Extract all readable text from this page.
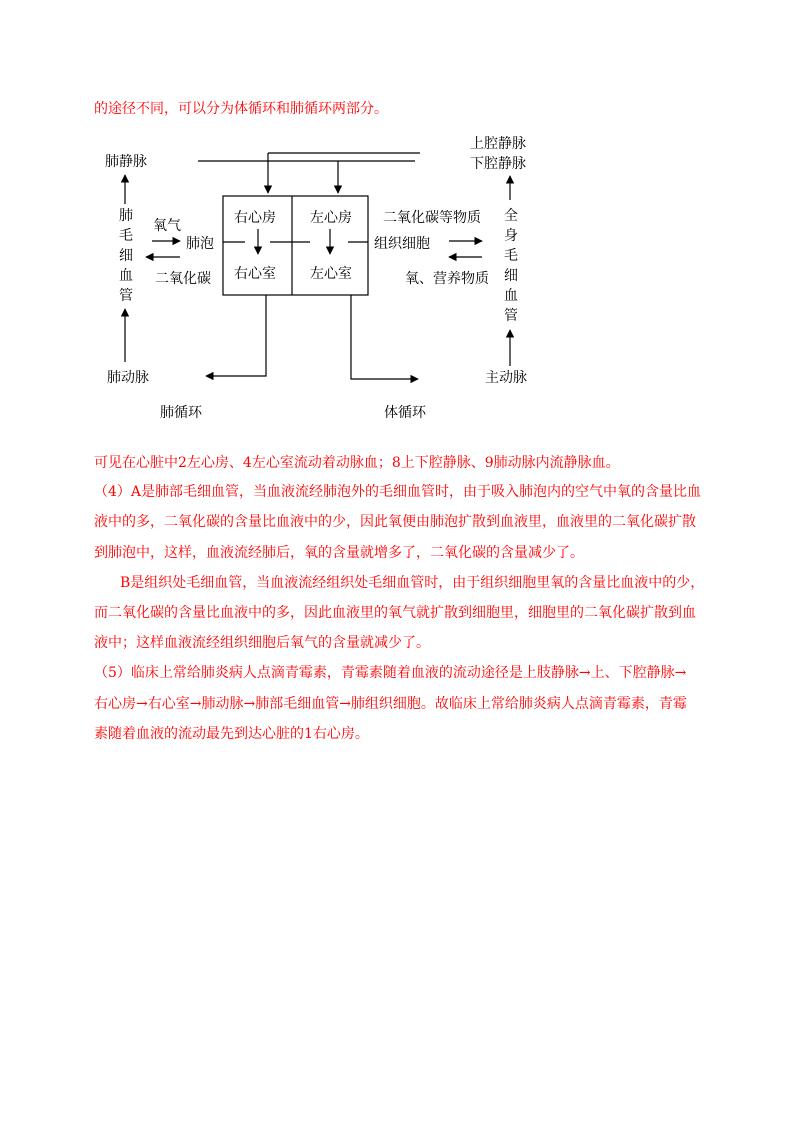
的途径不同，可以分为体循环和肺循环两部分。
右心房 左心房
右心室 左心室
肺静脉
肺
毛
细
血
管
肺动脉
氧气
肺泡
二氧化碳
上腔静脉
下腔静脉
全
身
毛
细
血
管
主动脉
二氧化碳等物质
组织细胞
氧、营养物质
肺循环	体循环
可见在心脏中2左心房、4左心室流动着动脉血；8上下腔静脉、9肺动脉内流静脉血。
（4）A是肺部毛细血管，当血液流经肺泡外的毛细血管时，由于吸入肺泡内的空气中氧的含量比血
液中的多，二氧化碳的含量比血液中的少，因此氧便由肺泡扩散到血液里，血液里的二氧化碳扩散
到肺泡中，这样，血液流经肺后，氧的含量就增多了，二氧化碳的含量减少了。
B是组织处毛细血管，当血液流经组织处毛细血管时，由于组织细胞里氧的含量比血液中的少，
而二氧化碳的含量比血液中的多，因此血液里的氧气就扩散到细胞里，细胞里的二氧化碳扩散到血
液中；这样血液流经组织细胞后氧气的含量就减少了。
（5）临床上常给肺炎病人点滴青霉素，青霉素随着血液的流动途径是上肢静脉→上、下腔静脉→
右心房→右心室→肺动脉→肺部毛细血管→肺组织细胞。故临床上常给肺炎病人点滴青霉素，青霉
素随着血液的流动最先到达心脏的1右心房。
